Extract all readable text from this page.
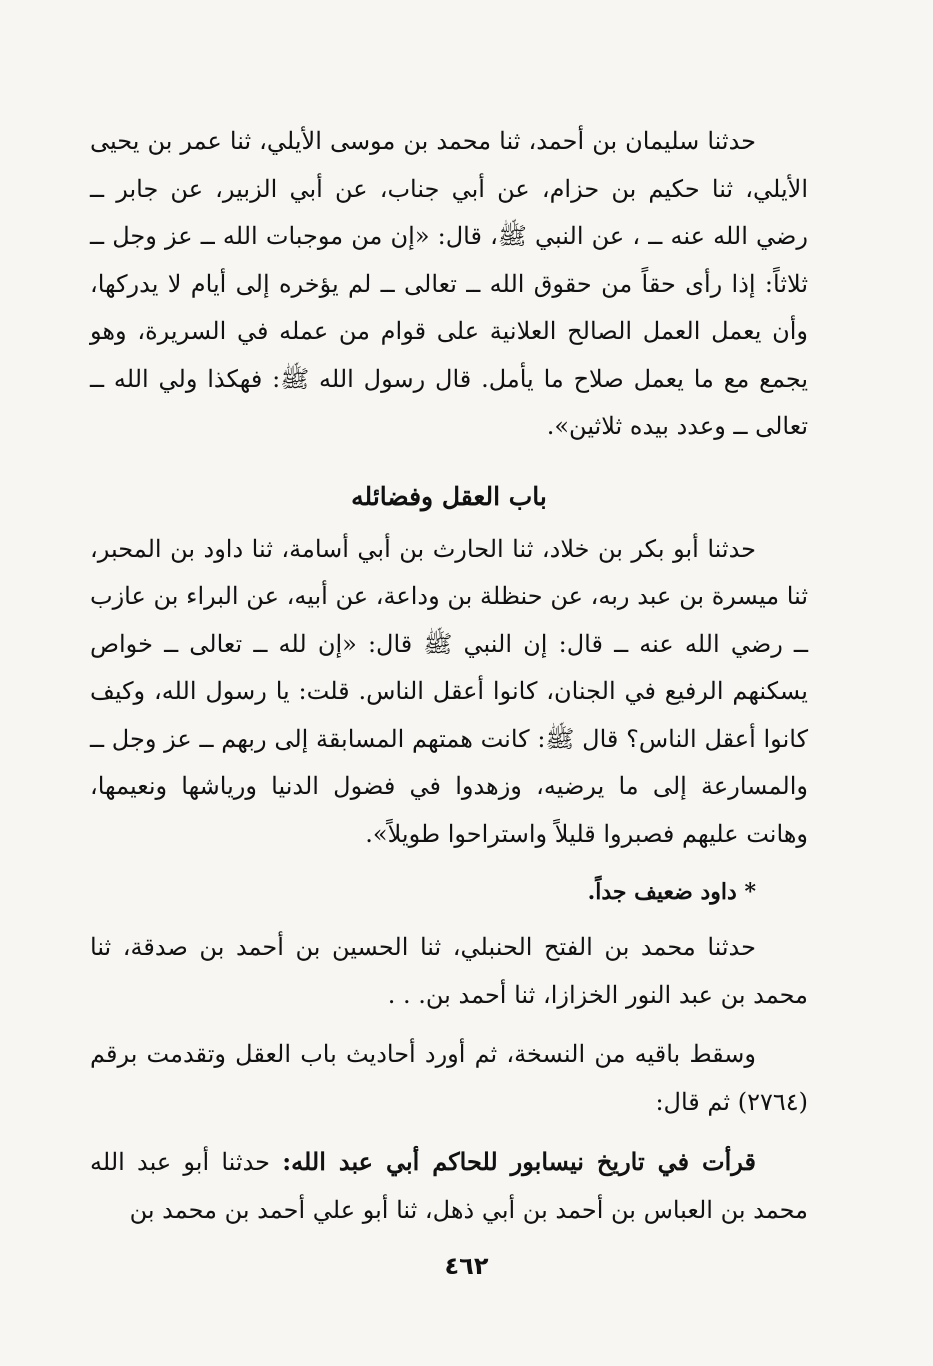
حدثنا سليمان بن أحمد، ثنا محمد بن موسى الأيلي، ثنا عمر بن يحيى الأيلي، ثنا حكيم بن حزام، عن أبي جناب، عن أبي الزبير، عن جابر ــ رضي الله عنه ــ ، عن النبي ﷺ، قال: «إن من موجبات الله ــ عز وجل ــ ثلاثاً: إذا رأى حقاً من حقوق الله ــ تعالى ــ لم يؤخره إلى أيام لا يدركها، وأن يعمل العمل الصالح العلانية على قوام من عمله في السريرة، وهو يجمع مع ما يعمل صلاح ما يأمل. قال رسول الله ﷺ: فهكذا ولي الله ــ تعالى ــ وعدد بيده ثلاثين».

باب العقل وفضائله

حدثنا أبو بكر بن خلاد، ثنا الحارث بن أبي أسامة، ثنا داود بن المحبر، ثنا ميسرة بن عبد ربه، عن حنظلة بن وداعة، عن أبيه، عن البراء بن عازب ــ رضي الله عنه ــ قال: إن النبي ﷺ قال: «إن لله ــ تعالى ــ خواص يسكنهم الرفيع في الجنان، كانوا أعقل الناس. قلت: يا رسول الله، وكيف كانوا أعقل الناس؟ قال ﷺ: كانت همتهم المسابقة إلى ربهم ــ عز وجل ــ والمسارعة إلى ما يرضيه، وزهدوا في فضول الدنيا ورياشها ونعيمها، وهانت عليهم فصبروا قليلاً واستراحوا طويلاً».

* داود ضعيف جداً.

حدثنا محمد بن الفتح الحنبلي، ثنا الحسين بن أحمد بن صدقة، ثنا محمد بن عبد النور الخزازا، ثنا أحمد بن. . .

وسقط باقيه من النسخة، ثم أورد أحاديث باب العقل وتقدمت برقم (٢٧٦٤) ثم قال:

قرأت في تاريخ نيسابور للحاكم أبي عبد الله: حدثنا أبو عبد الله محمد بن العباس بن أحمد بن أبي ذهل، ثنا أبو علي أحمد بن محمد بن

٤٦٢
